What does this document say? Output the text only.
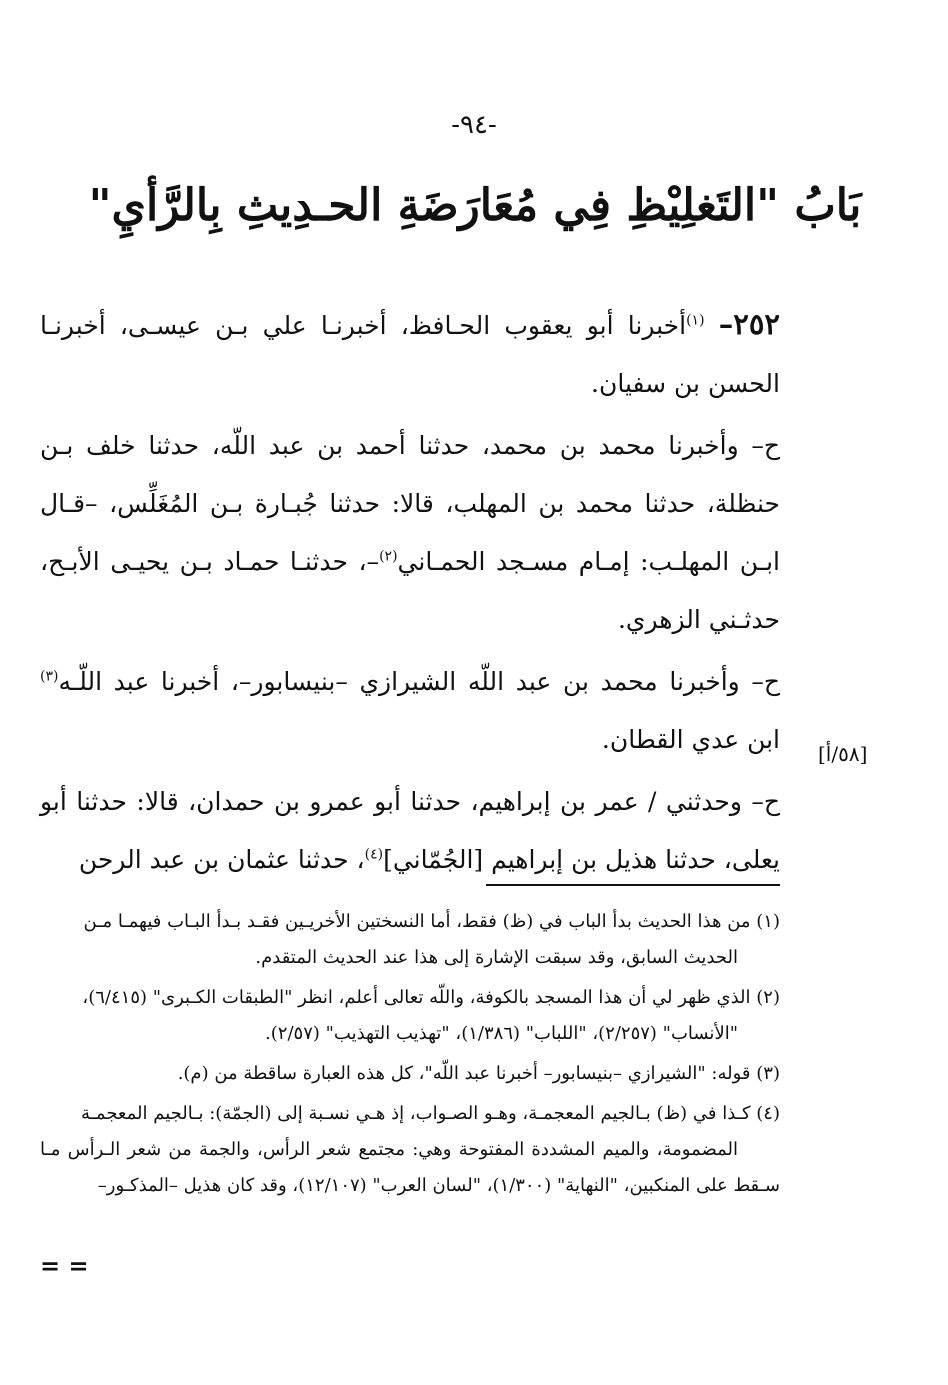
-٩٤-
بَابُ "التَغلِيْظِ فِي مُعَارَضَةِ الحـدِيثِ بِالرَّأيِ"

٢٥٢– $^{(١)}$أخبرنا أبو يعقوب الحـافظ، أخبرنـا علي بـن عيسـى، أخبرنـا الحسن بن سفيان.

ح– وأخبرنا محمد بن محمد، حدثنا أحمد بن عبد اللّه، حدثنا خلف بـن حنظلة، حدثنا محمد بن المهلب، قالا: حدثنا جُبـارة بـن المُغَلِّس، –قـال ابـن المهلـب: إمـام مسـجد الحمـاني$^{(٢)}$–، حدثنـا حمـاد بـن يحيـى الأبـح، حدثـني الزهري.

ح– وأخبرنا محمد بن عبد اللّه الشيرازي –بنيسابور–، أخبرنا عبد اللّـه$^{(٣)}$ ابن عدي القطان.

ح– وحدثني / عمر بن إبراهيم، حدثنا أبو عمرو بن حمدان، قالا: حدثنا أبو يعلى، حدثنا هذيل بن إبراهيم [الجُمّاني]$^{(٤)}$، حدثنا عثمان بن عبد الرحن

[٥٨/أ]

(١) من هذا الحديث بدأ الباب في (ظ) فقط، أما النسختين الأخريـين فقـد بـدأ البـاب فيهمـا مـن
الحديث السابق، وقد سبقت الإشارة إلى هذا عند الحديث المتقدم.

(٢) الذي ظهر لي أن هذا المسجد بالكوفة، واللّه تعالى أعلم، انظر "الطبقات الكـبرى" (٦/٤١٥)،
"الأنساب" (٢/٢٥٧)، "اللباب" (١/٣٨٦)، "تهذيب التهذيب" (٢/٥٧).

(٣) قوله: "الشيرازي –بنيسابور– أخبرنا عبد اللّه"، كل هذه العبارة ساقطة من (م).

(٤) كـذا في (ظ) بـالجيم المعجمـة، وهـو الصـواب، إذ هـي نسـبة إلى (الجمّة): بـالجيم المعجمـة
المضمومة، والميم المشددة المفتوحة وهي: مجتمع شعر الرأس، والجمة من شعر الـرأس مـا سـقط على المنكبين، "النهاية" (١/٣٠٠)، "لسان العرب" (١٢/١٠٧)، وقد كان هذيل –المذكـور–

= =
